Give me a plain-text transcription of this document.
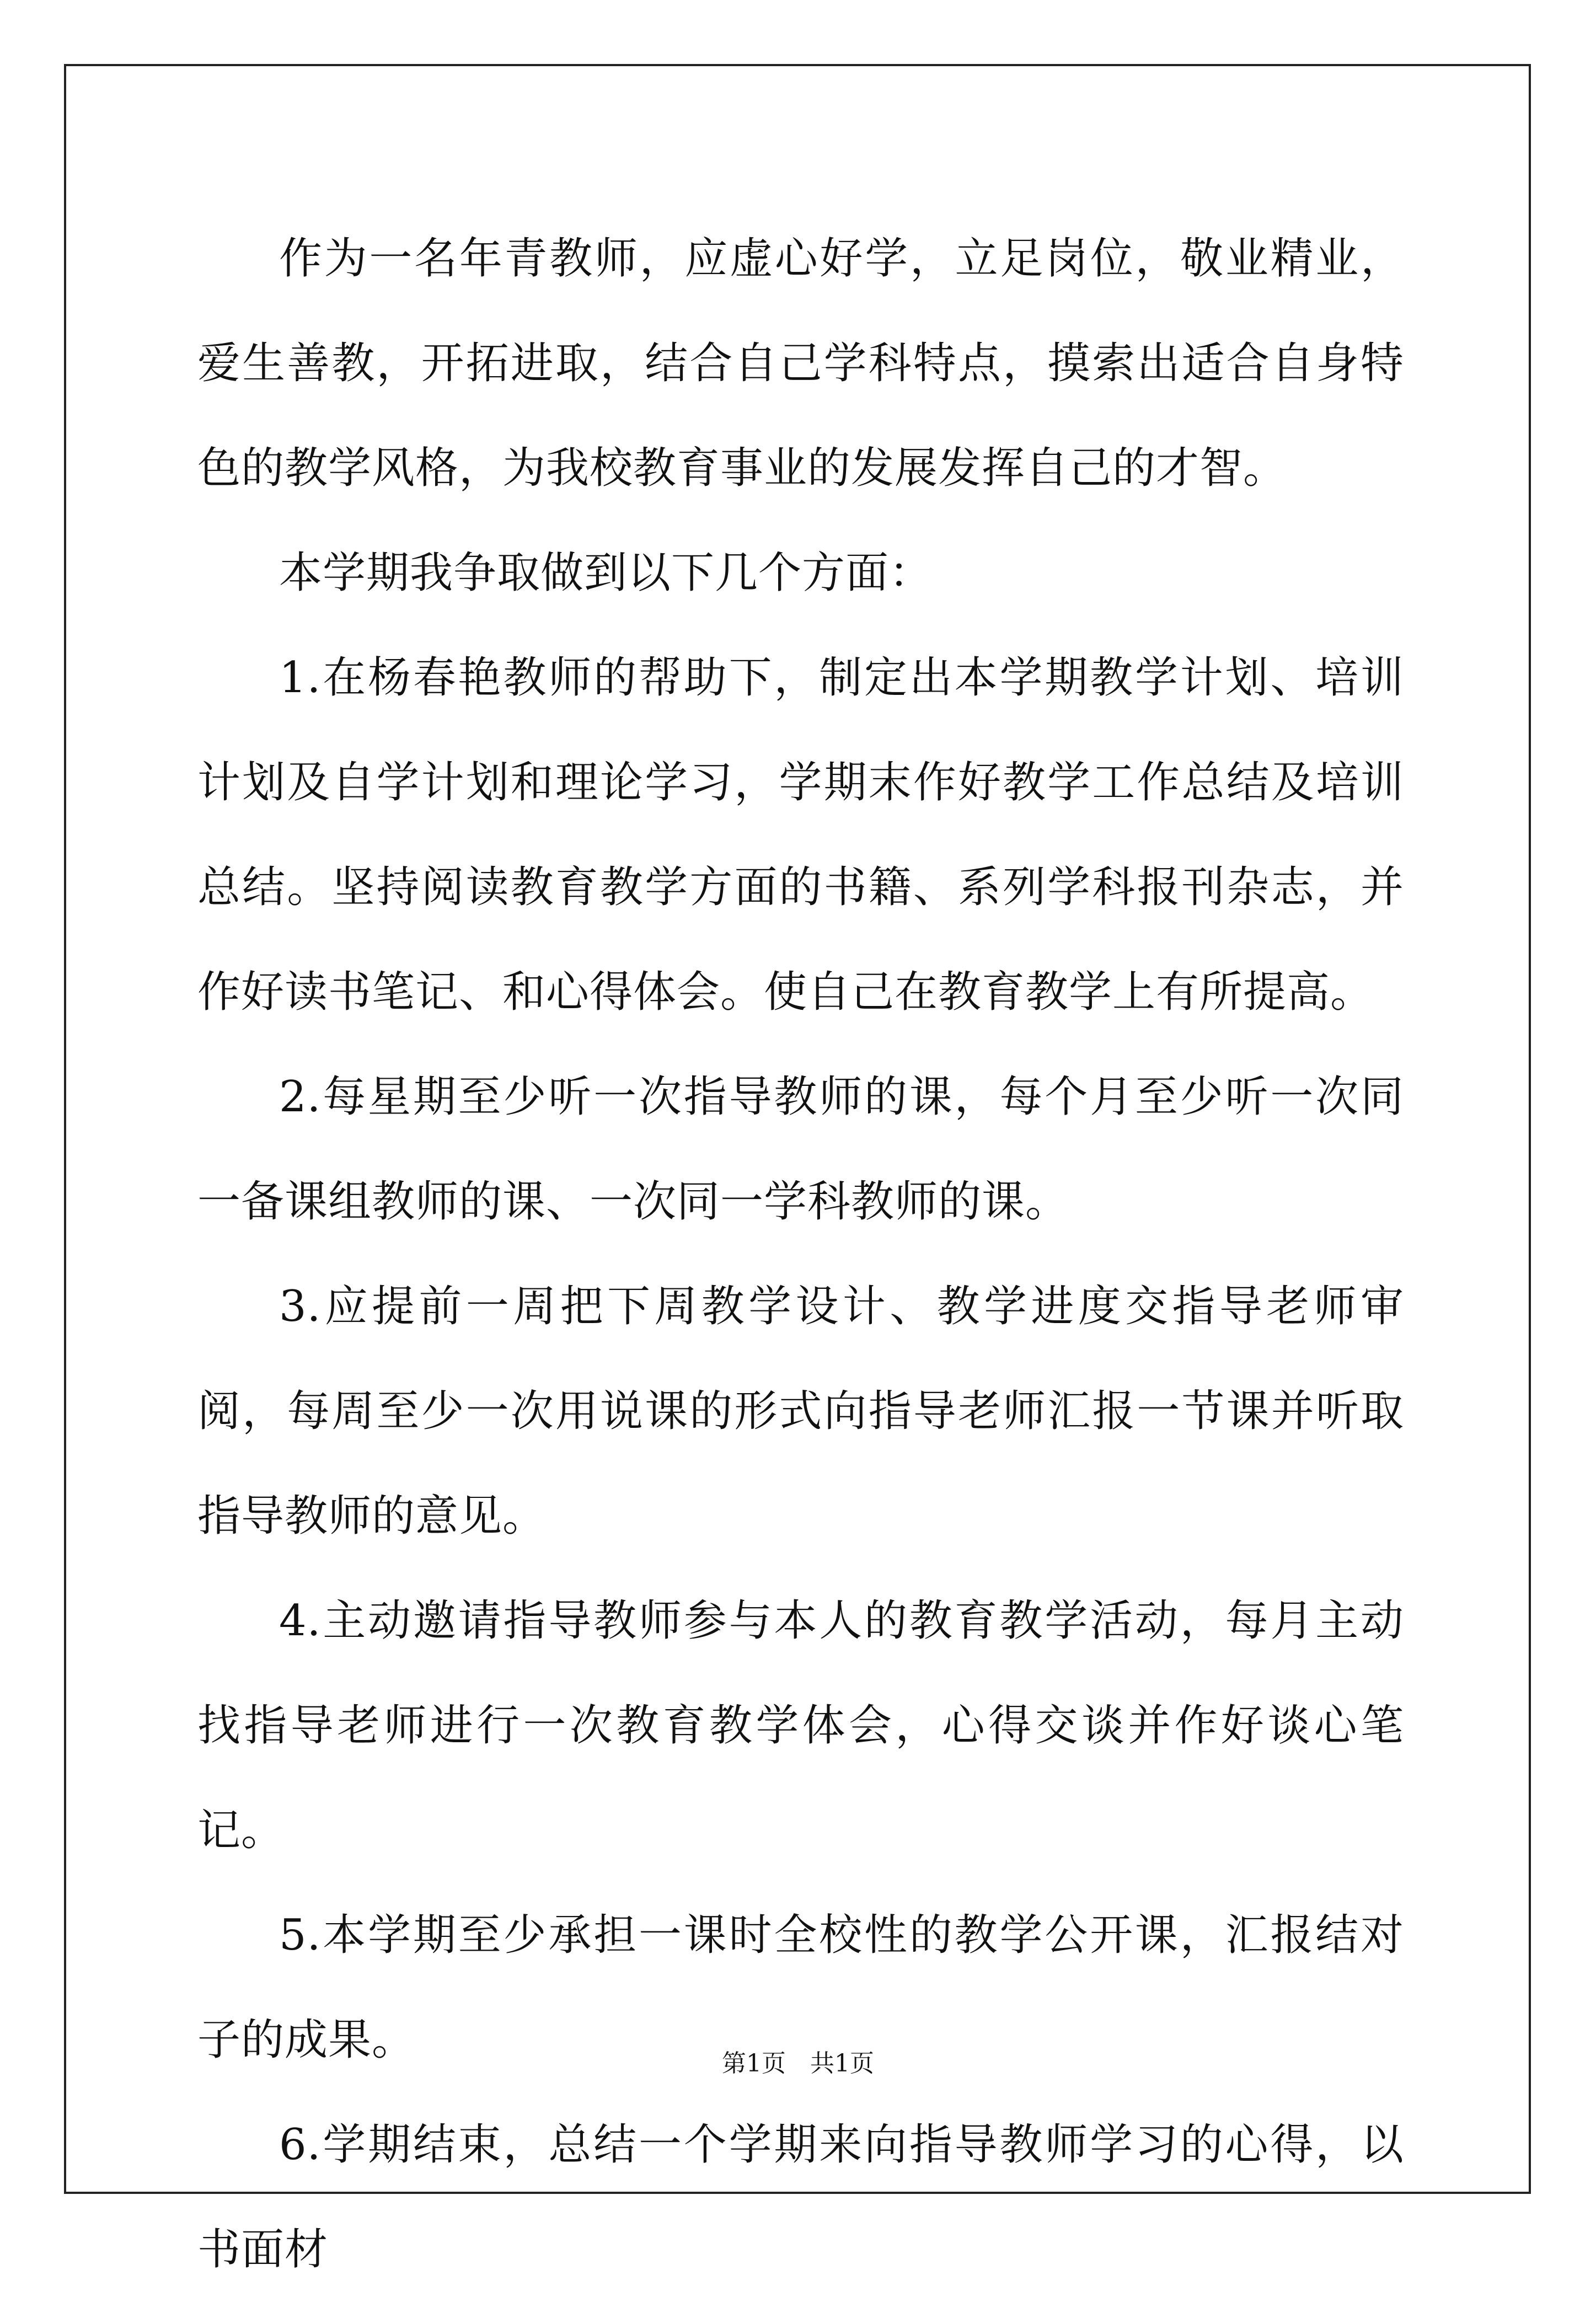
作为一名年青教师，应虚心好学，立足岗位，敬业精业，爱生善教，开拓进取，结合自己学科特点，摸索出适合自身特色的教学风格，为我校教育事业的发展发挥自己的才智。

本学期我争取做到以下几个方面：

1.在杨春艳教师的帮助下，制定出本学期教学计划、培训计划及自学计划和理论学习，学期末作好教学工作总结及培训总结。坚持阅读教育教学方面的书籍、系列学科报刊杂志，并作好读书笔记、和心得体会。使自己在教育教学上有所提高。

2.每星期至少听一次指导教师的课，每个月至少听一次同一备课组教师的课、一次同一学科教师的课。

3.应提前一周把下周教学设计、教学进度交指导老师审阅，每周至少一次用说课的形式向指导老师汇报一节课并听取指导教师的意见。

4.主动邀请指导教师参与本人的教育教学活动，每月主动找指导老师进行一次教育教学体会，心得交谈并作好谈心笔记。

5.本学期至少承担一课时全校性的教学公开课，汇报结对子的成果。

6.学期结束，总结一个学期来向指导教师学习的心得，以书面材

第1页　共1页
